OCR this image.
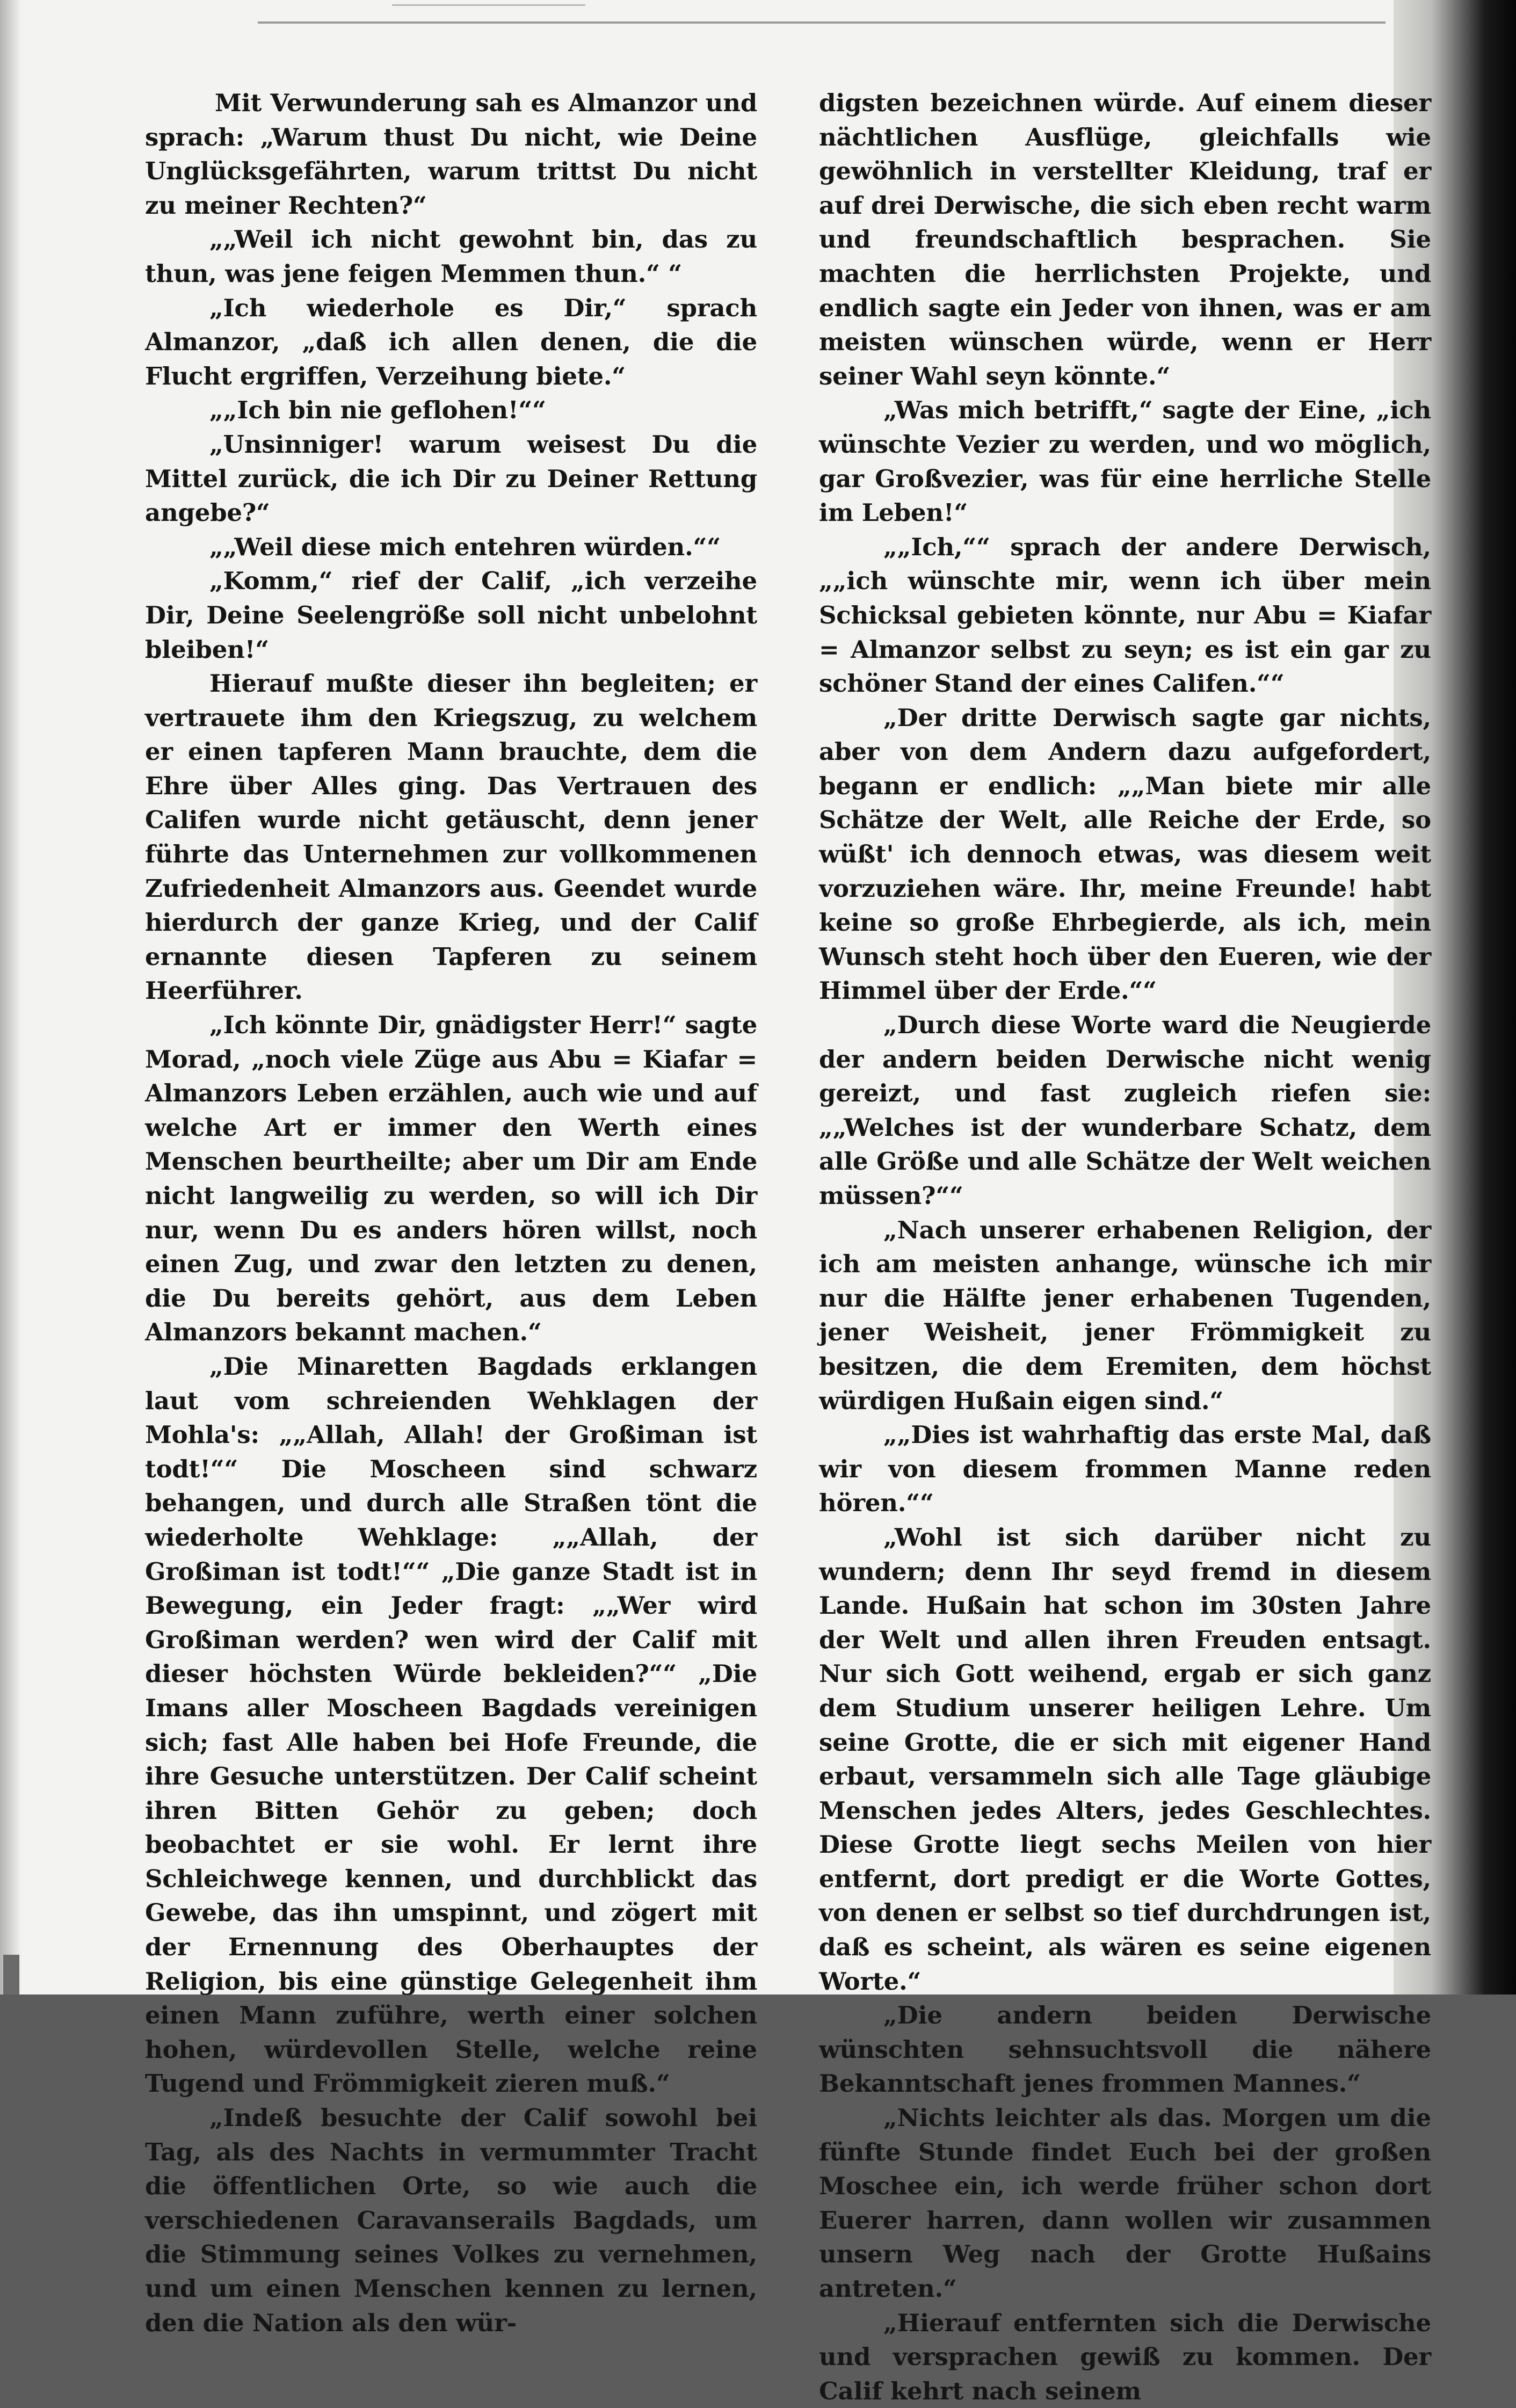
Mit Verwunderung sah es Almanzor und sprach: „Warum thust Du nicht, wie Deine Unglücksgefährten, warum trittst Du nicht zu meiner Rechten?“

„„Weil ich nicht gewohnt bin, das zu thun, was jene feigen Memmen thun.“ “

„Ich wiederhole es Dir,“ sprach Almanzor, „daß ich allen denen, die die Flucht ergriffen, Verzeihung biete.“

„„Ich bin nie geflohen!““

„Unsinniger! warum weisest Du die Mittel zurück, die ich Dir zu Deiner Rettung angebe?“

„„Weil diese mich entehren würden.““

„Komm,“ rief der Calif, „ich verzeihe Dir, Deine Seelengröße soll nicht unbelohnt bleiben!“

Hierauf mußte dieser ihn begleiten; er vertrauete ihm den Kriegszug, zu welchem er einen tapferen Mann brauchte, dem die Ehre über Alles ging. Das Vertrauen des Califen wurde nicht getäuscht, denn jener führte das Unternehmen zur vollkommenen Zufriedenheit Almanzors aus. Geendet wurde hierdurch der ganze Krieg, und der Calif ernannte diesen Tapferen zu seinem Heerführer.

„Ich könnte Dir, gnädigster Herr!“ sagte Morad, „noch viele Züge aus Abu = Kiafar = Almanzors Leben erzählen, auch wie und auf welche Art er immer den Werth eines Menschen beurtheilte; aber um Dir am Ende nicht langweilig zu werden, so will ich Dir nur, wenn Du es anders hören willst, noch einen Zug, und zwar den letzten zu denen, die Du bereits gehört, aus dem Leben Almanzors bekannt machen.“

„Die Minaretten Bagdads erklangen laut vom schreienden Wehklagen der Mohla's: „„Allah, Allah! der Großiman ist todt!““ Die Moscheen sind schwarz behangen, und durch alle Straßen tönt die wiederholte Wehklage: „„Allah, der Großiman ist todt!““ „Die ganze Stadt ist in Bewegung, ein Jeder fragt: „„Wer wird Großiman werden? wen wird der Calif mit dieser höchsten Würde bekleiden?““ „Die Imans aller Moscheen Bagdads vereinigen sich; fast Alle haben bei Hofe Freunde, die ihre Gesuche unterstützen. Der Calif scheint ihren Bitten Gehör zu geben; doch beobachtet er sie wohl. Er lernt ihre Schleichwege kennen, und durchblickt das Gewebe, das ihn umspinnt, und zögert mit der Ernennung des Oberhauptes der Religion, bis eine günstige Gelegenheit ihm einen Mann zuführe, werth einer solchen hohen, würdevollen Stelle, welche reine Tugend und Frömmigkeit zieren muß.“

„Indeß besuchte der Calif sowohl bei Tag, als des Nachts in vermummter Tracht die öffentlichen Orte, so wie auch die verschiedenen Caravanserails Bagdads, um die Stimmung seines Volkes zu vernehmen, und um einen Menschen kennen zu lernen, den die Nation als den wür-

digsten bezeichnen würde. Auf einem dieser nächtlichen Ausflüge, gleichfalls wie gewöhnlich in verstellter Kleidung, traf er auf drei Derwische, die sich eben recht warm und freundschaftlich besprachen. Sie machten die herrlichsten Projekte, und endlich sagte ein Jeder von ihnen, was er am meisten wünschen würde, wenn er Herr seiner Wahl seyn könnte.“

„Was mich betrifft,“ sagte der Eine, „ich wünschte Vezier zu werden, und wo möglich, gar Großvezier, was für eine herrliche Stelle im Leben!“

„„Ich,““ sprach der andere Derwisch, „„ich wünschte mir, wenn ich über mein Schicksal gebieten könnte, nur Abu = Kiafar = Almanzor selbst zu seyn; es ist ein gar zu schöner Stand der eines Califen.““

„Der dritte Derwisch sagte gar nichts, aber von dem Andern dazu aufgefordert, begann er endlich: „„Man biete mir alle Schätze der Welt, alle Reiche der Erde, so wüßt' ich dennoch etwas, was diesem weit vorzuziehen wäre. Ihr, meine Freunde! habt keine so große Ehrbegierde, als ich, mein Wunsch steht hoch über den Eueren, wie der Himmel über der Erde.““

„Durch diese Worte ward die Neugierde der andern beiden Derwische nicht wenig gereizt, und fast zugleich riefen sie: „„Welches ist der wunderbare Schatz, dem alle Größe und alle Schätze der Welt weichen müssen?““

„Nach unserer erhabenen Religion, der ich am meisten anhange, wünsche ich mir nur die Hälfte jener erhabenen Tugenden, jener Weisheit, jener Frömmigkeit zu besitzen, die dem Eremiten, dem höchst würdigen Hußain eigen sind.“

„„Dies ist wahrhaftig das erste Mal, daß wir von diesem frommen Manne reden hören.““

„Wohl ist sich darüber nicht zu wundern; denn Ihr seyd fremd in diesem Lande. Hußain hat schon im 30sten Jahre der Welt und allen ihren Freuden entsagt. Nur sich Gott weihend, ergab er sich ganz dem Studium unserer heiligen Lehre. Um seine Grotte, die er sich mit eigener Hand erbaut, versammeln sich alle Tage gläubige Menschen jedes Alters, jedes Geschlechtes. Diese Grotte liegt sechs Meilen von hier entfernt, dort predigt er die Worte Gottes, von denen er selbst so tief durchdrungen ist, daß es scheint, als wären es seine eigenen Worte.“

„Die andern beiden Derwische wünschten sehnsuchtsvoll die nähere Bekanntschaft jenes frommen Mannes.“

„Nichts leichter als das. Morgen um die fünfte Stunde findet Euch bei der großen Moschee ein, ich werde früher schon dort Euerer harren, dann wollen wir zusammen unsern Weg nach der Grotte Hußains antreten.“

„Hierauf entfernten sich die Derwische und versprachen gewiß zu kommen. Der Calif kehrt nach seinem
